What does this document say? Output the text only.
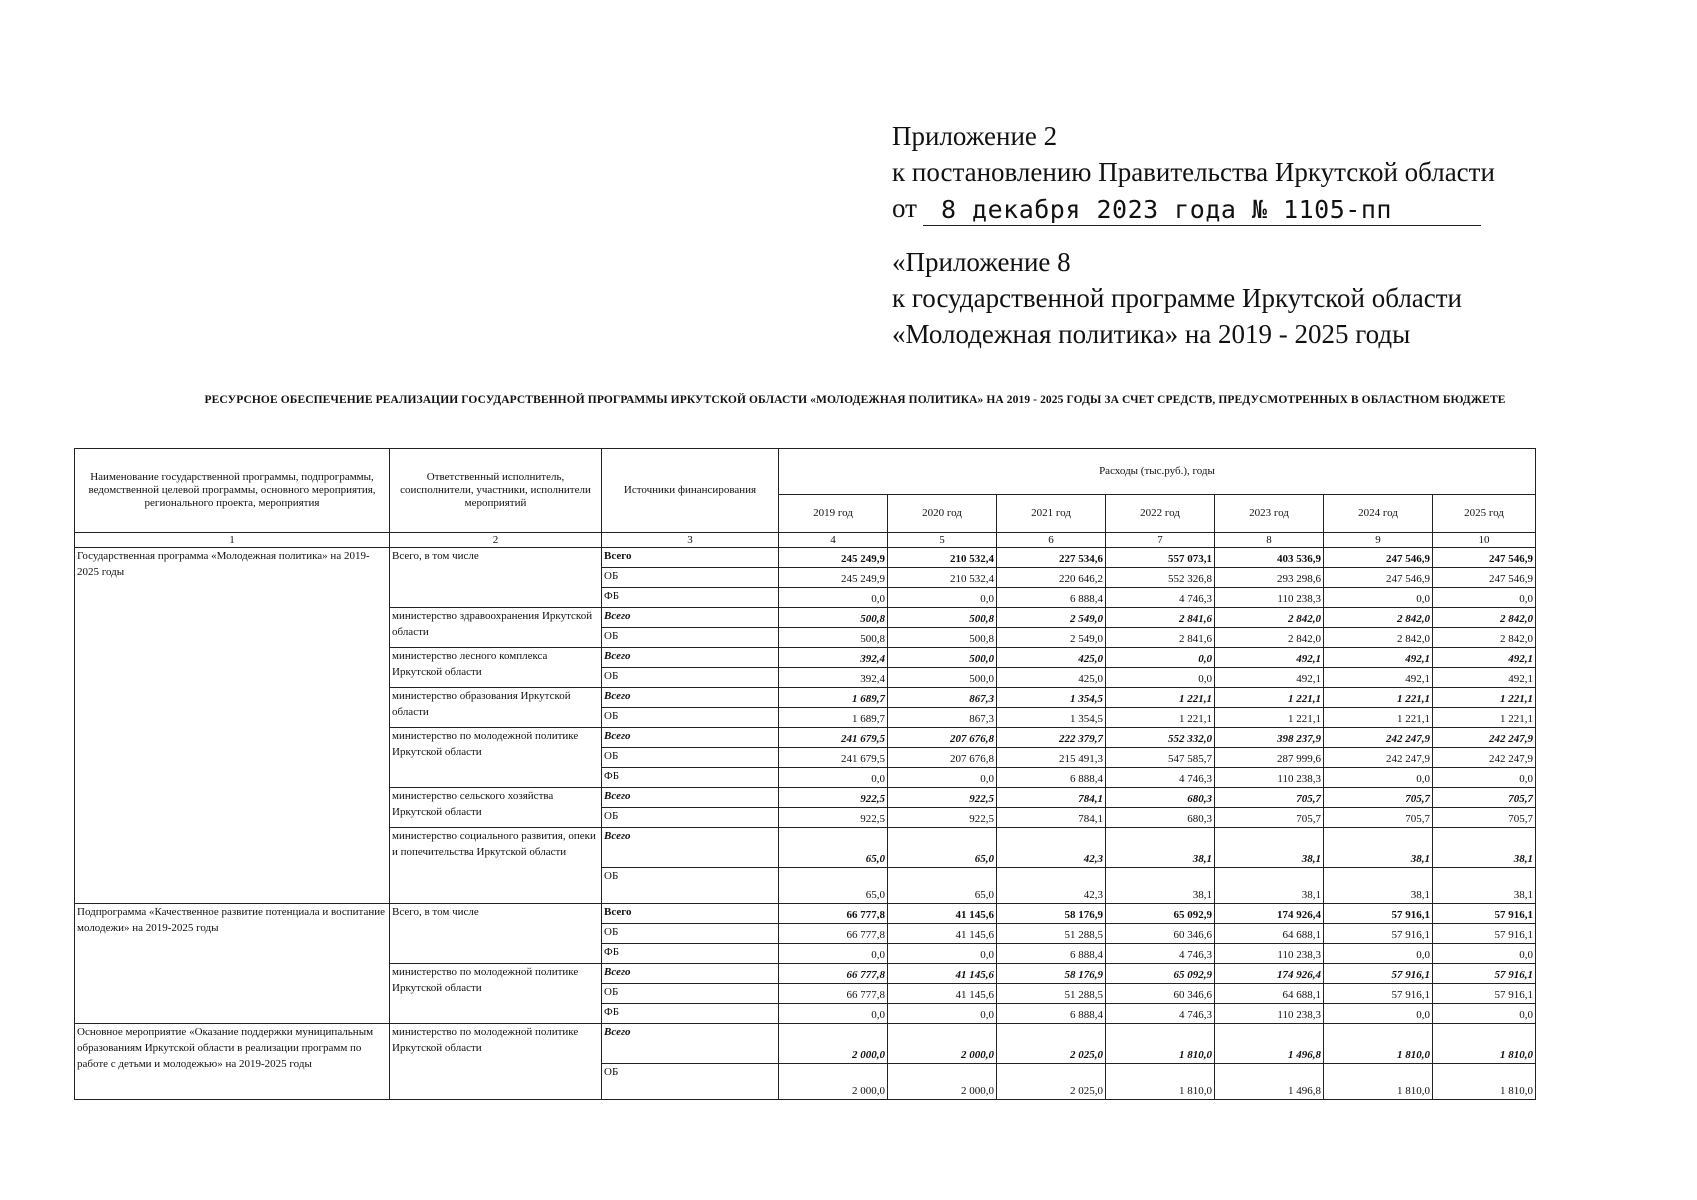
Приложение 2
к постановлению Правительства Иркутской области
от 8 декабря 2023 года № 1105-пп
«Приложение 8
к государственной программе Иркутской области
«Молодежная политика» на 2019 - 2025 годы
РЕСУРСНОЕ ОБЕСПЕЧЕНИЕ РЕАЛИЗАЦИИ ГОСУДАРСТВЕННОЙ ПРОГРАММЫ ИРКУТСКОЙ ОБЛАСТИ «МОЛОДЕЖНАЯ ПОЛИТИКА» НА 2019 - 2025 ГОДЫ ЗА СЧЕТ СРЕДСТВ, ПРЕДУСМОТРЕННЫХ В ОБЛАСТНОМ БЮДЖЕТЕ
Наименование государственной программы, подпрограммы, ведомственной целевой программы, основного мероприятия, регионального проекта, мероприятия	Ответственный исполнитель, соисполнители, участники, исполнители мероприятий	Источники финансирования	Расходы (тыс.руб.), годы						
			2019 год	2020 год	2021 год	2022 год	2023 год	2024 год	2025 год
1	2	3	4	5	6	7	8	9	10
Государственная программа «Молодежная политика» на 2019-2025 годы	Всего, в том числе	Всего	245 249,9	210 532,4	227 534,6	557 073,1	403 536,9	247 546,9	247 546,9
		ОБ	245 249,9	210 532,4	220 646,2	552 326,8	293 298,6	247 546,9	247 546,9
		ФБ	0,0	0,0	6 888,4	4 746,3	110 238,3	0,0	0,0
	министерство здравоохранения Иркутской области	Всего	500,8	500,8	2 549,0	2 841,6	2 842,0	2 842,0	2 842,0
		ОБ	500,8	500,8	2 549,0	2 841,6	2 842,0	2 842,0	2 842,0
	министерство лесного комплекса Иркутской области	Всего	392,4	500,0	425,0	0,0	492,1	492,1	492,1
		ОБ	392,4	500,0	425,0	0,0	492,1	492,1	492,1
	министерство образования Иркутской области	Всего	1 689,7	867,3	1 354,5	1 221,1	1 221,1	1 221,1	1 221,1
		ОБ	1 689,7	867,3	1 354,5	1 221,1	1 221,1	1 221,1	1 221,1
	министерство по молодежной политике Иркутской области	Всего	241 679,5	207 676,8	222 379,7	552 332,0	398 237,9	242 247,9	242 247,9
		ОБ	241 679,5	207 676,8	215 491,3	547 585,7	287 999,6	242 247,9	242 247,9
		ФБ	0,0	0,0	6 888,4	4 746,3	110 238,3	0,0	0,0
	министерство сельского хозяйства Иркутской области	Всего	922,5	922,5	784,1	680,3	705,7	705,7	705,7
		ОБ	922,5	922,5	784,1	680,3	705,7	705,7	705,7
	министерство социального развития, опеки и попечительства Иркутской области	Всего	65,0	65,0	42,3	38,1	38,1	38,1	38,1
		ОБ	65,0	65,0	42,3	38,1	38,1	38,1	38,1
Подпрограмма «Качественное развитие потенциала и воспитание молодежи» на 2019-2025 годы	Всего, в том числе	Всего	66 777,8	41 145,6	58 176,9	65 092,9	174 926,4	57 916,1	57 916,1
		ОБ	66 777,8	41 145,6	51 288,5	60 346,6	64 688,1	57 916,1	57 916,1
		ФБ	0,0	0,0	6 888,4	4 746,3	110 238,3	0,0	0,0
	министерство по молодежной политике Иркутской области	Всего	66 777,8	41 145,6	58 176,9	65 092,9	174 926,4	57 916,1	57 916,1
		ОБ	66 777,8	41 145,6	51 288,5	60 346,6	64 688,1	57 916,1	57 916,1
		ФБ	0,0	0,0	6 888,4	4 746,3	110 238,3	0,0	0,0
Основное мероприятие «Оказание поддержки муниципальным образованиям Иркутской области в реализации программ по работе с детьми и молодежью» на 2019-2025 годы	министерство по молодежной политике Иркутской области	Всего	2 000,0	2 000,0	2 025,0	1 810,0	1 496,8	1 810,0	1 810,0
		ОБ	2 000,0	2 000,0	2 025,0	1 810,0	1 496,8	1 810,0	1 810,0
